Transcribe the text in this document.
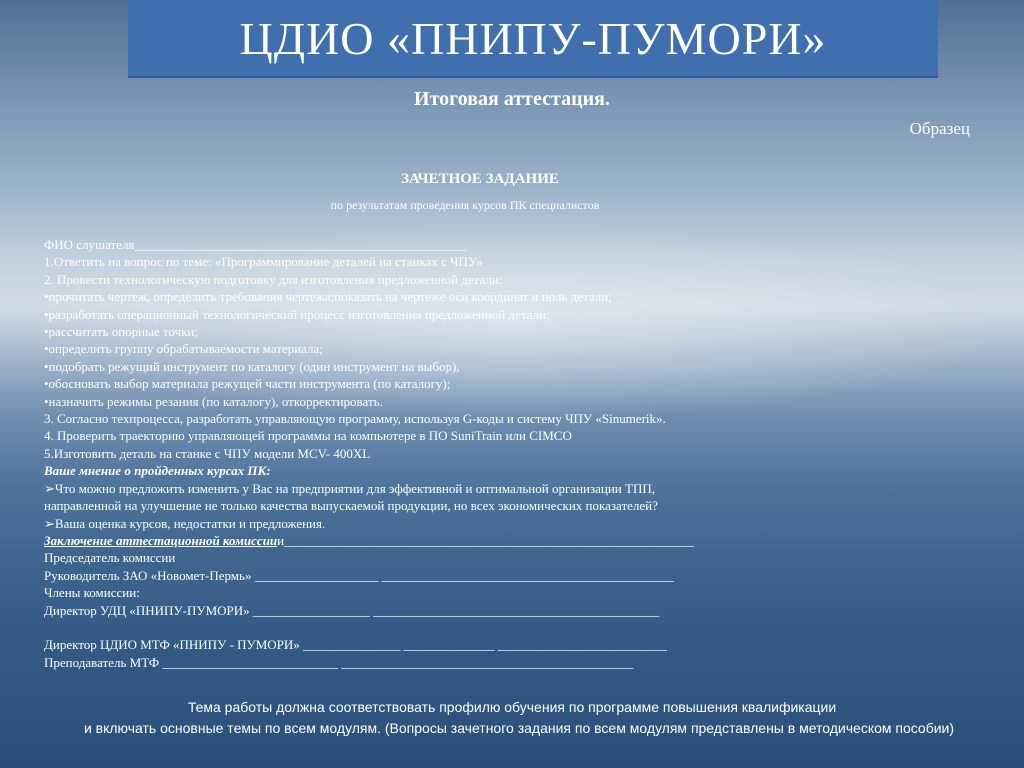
ЦДИО «ПНИПУ-ПУМОРИ»
Итоговая аттестация.
Образец
ЗАЧЕТНОЕ ЗАДАНИЕ
по результатам проведения курсов ПК специалистов
ФИО слушателя___________________________________________________
1.Ответить на вопрос по теме: «Программирование деталей на станках с ЧПУ»
2. Провести технологическую подготовку для изготовления предложенной детали:
•прочитать чертеж, определить требования чертежа;показать на чертеже оси координат и ноль детали;
•разработать операционный технологический процесс изготовления предложенной детали;
•рассчитать опорные точки;
•определить группу обрабатываемости материала;
•подобрать режущий инструмент по каталогу (один инструмент на выбор),
•обосновать выбор материала режущей части инструмента (по каталогу);
•назначить режимы резания (по каталогу), откорректировать.
3. Согласно техпроцесса, разработать управляющую программу, используя G-коды и систему ЧПУ «Sinumerik».
4. Проверить траекторию управляющей программы на компьютере в ПО SuniTrain или CIMCO
5.Изготовить деталь на станке с ЧПУ модели MCV- 400XL
Ваше мнение о пройденных курсах ПК:
➢Что можно предложить изменить у Вас на предприятии для эффективной и оптимальной организации ТПП,
направленной на улучшение не только качества выпускаемой продукции, но всех экономических показателей?
➢Ваша оценка курсов, недостатки и предложения.
Заключение аттестационной комиссиии_______________________________________________________________
Председатель комиссии
Руководитель ЗАО «Новомет-Пермь» ___________________ _____________________________________________
Члены комиссии:
Директор УДЦ «ПНИПУ-ПУМОРИ» __________________ ____________________________________________
Директор ЦДИО МТФ «ПНИПУ - ПУМОРИ» _______________ ______________ __________________________
Преподаватель МТФ ___________________________ _____________________________________________
Тема работы должна соответствовать профилю обучения по программе повышения квалификации
и включать основные темы по всем модулям. (Вопросы зачетного задания по всем модулям представлены в методическом пособии)
